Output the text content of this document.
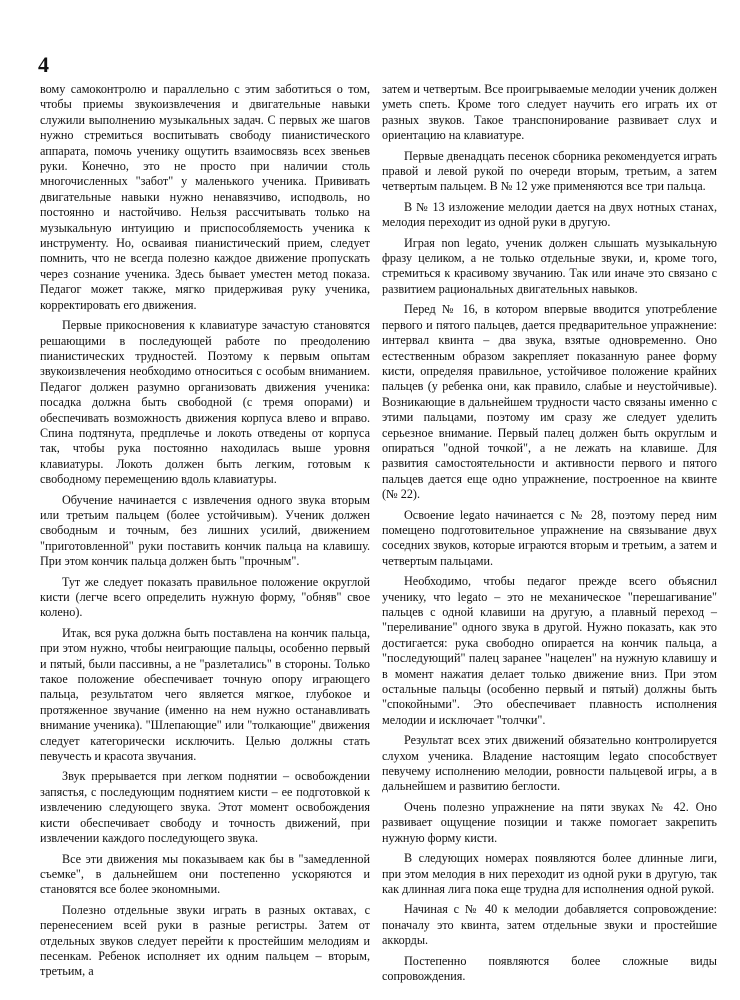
4

вому самоконтролю и параллельно с этим заботиться о том, чтобы приемы звукоизвлечения и двигательные навыки служили выполнению музыкальных задач. С первых же шагов нужно стремиться воспитывать свободу пианистического аппарата, помочь ученику ощутить взаимосвязь всех звеньев руки. Конечно, это не просто при наличии столь многочисленных "забот" у маленького ученика. Прививать двигательные навыки нужно ненавязчиво, исподволь, но постоянно и настойчиво. Нельзя рассчитывать только на музыкальную интуицию и приспособляемость ученика к инструменту. Но, осваивая пианистический прием, следует помнить, что не всегда полезно каждое движение пропускать через сознание ученика. Здесь бывает уместен метод показа. Педагог может также, мягко придерживая руку ученика, корректировать его движения.

Первые прикосновения к клавиатуре зачастую становятся решающими в последующей работе по преодолению пианистических трудностей. Поэтому к первым опытам звукоизвлечения необходимо относиться с особым вниманием. Педагог должен разумно организовать движения ученика: посадка должна быть свободной (с тремя опорами) и обеспечивать возможность движения корпуса влево и вправо. Спина подтянута, предплечье и локоть отведены от корпуса так, чтобы рука постоянно находилась выше уровня клавиатуры. Локоть должен быть легким, готовым к свободному перемещению вдоль клавиатуры.

Обучение начинается с извлечения одного звука вторым или третьим пальцем (более устойчивым). Ученик должен свободным и точным, без лишних усилий, движением "приготовленной" руки поставить кончик пальца на клавишу. При этом кончик пальца должен быть "прочным".

Тут же следует показать правильное положение округлой кисти (легче всего определить нужную форму, "обняв" свое колено).

Итак, вся рука должна быть поставлена на кончик пальца, при этом нужно, чтобы неиграющие пальцы, особенно первый и пятый, были пассивны, а не "разлетались" в стороны. Только такое положение обеспечивает точную опору играющего пальца, результатом чего является мягкое, глубокое и протяженное звучание (именно на нем нужно останавливать внимание ученика). "Шлепающие" или "толкающие" движения следует категорически исключить. Целью должны стать певучесть и красота звучания.

Звук прерывается при легком поднятии – освобождении запястья, с последующим поднятием кисти – ее подготовкой к извлечению следующего звука. Этот момент освобождения кисти обеспечивает свободу и точность движений, при извлечении каждого последующего звука.

Все эти движения мы показываем как бы в "замедленной съемке", в дальнейшем они постепенно ускоряются и становятся все более экономными.

Полезно отдельные звуки играть в разных октавах, с перенесением всей руки в разные регистры. Затем от отдельных звуков следует перейти к простейшим мелодиям и песенкам. Ребенок исполняет их одним пальцем – вторым, третьим, а

затем и четвертым. Все проигрываемые мелодии ученик должен уметь спеть. Кроме того следует научить его играть их от разных звуков. Такое транспонирование развивает слух и ориентацию на клавиатуре.

Первые двенадцать песенок сборника рекомендуется играть правой и левой рукой по очереди вторым, третьим, а затем четвертым пальцем. В № 12 уже применяются все три пальца.

В № 13 изложение мелодии дается на двух нотных станах, мелодия переходит из одной руки в другую.

Играя non legato, ученик должен слышать музыкальную фразу целиком, а не только отдельные звуки, и, кроме того, стремиться к красивому звучанию. Так или иначе это связано с развитием рациональных двигательных навыков.

Перед № 16, в котором впервые вводится употребление первого и пятого пальцев, дается предварительное упражнение: интервал квинта – два звука, взятые одновременно. Оно естественным образом закрепляет показанную ранее форму кисти, определяя правильное, устойчивое положение крайних пальцев (у ребенка они, как правило, слабые и неустойчивые). Возникающие в дальнейшем трудности часто связаны именно с этими пальцами, поэтому им сразу же следует уделить серьезное внимание. Первый палец должен быть округлым и опираться "одной точкой", а не лежать на клавише. Для развития самостоятельности и активности первого и пятого пальцев дается еще одно упражнение, построенное на квинте (№ 22).

Освоение legato начинается с № 28, поэтому перед ним помещено подготовительное упражнение на связывание двух соседних звуков, которые играются вторым и третьим, а затем и четвертым пальцами.

Необходимо, чтобы педагог прежде всего объяснил ученику, что legato – это не механическое "перешагивание" пальцев с одной клавиши на другую, а плавный переход – "переливание" одного звука в другой. Нужно показать, как это достигается: рука свободно опирается на кончик пальца, а "последующий" палец заранее "нацелен" на нужную клавишу и в момент нажатия делает только движение вниз. При этом остальные пальцы (особенно первый и пятый) должны быть "спокойными". Это обеспечивает плавность исполнения мелодии и исключает "толчки".

Результат всех этих движений обязательно контролируется слухом ученика. Владение настоящим legato способствует певучему исполнению мелодии, ровности пальцевой игры, а в дальнейшем и развитию беглости.

Очень полезно упражнение на пяти звуках № 42. Оно развивает ощущение позиции и также помогает закрепить нужную форму кисти.

В следующих номерах появляются более длинные лиги, при этом мелодия в них переходит из одной руки в другую, так как длинная лига пока еще трудна для исполнения одной рукой.

Начиная с № 40 к мелодии добавляется сопровождение: поначалу это квинта, затем отдельные звуки и простейшие аккорды.

Постепенно появляются более сложные виды сопровождения.
